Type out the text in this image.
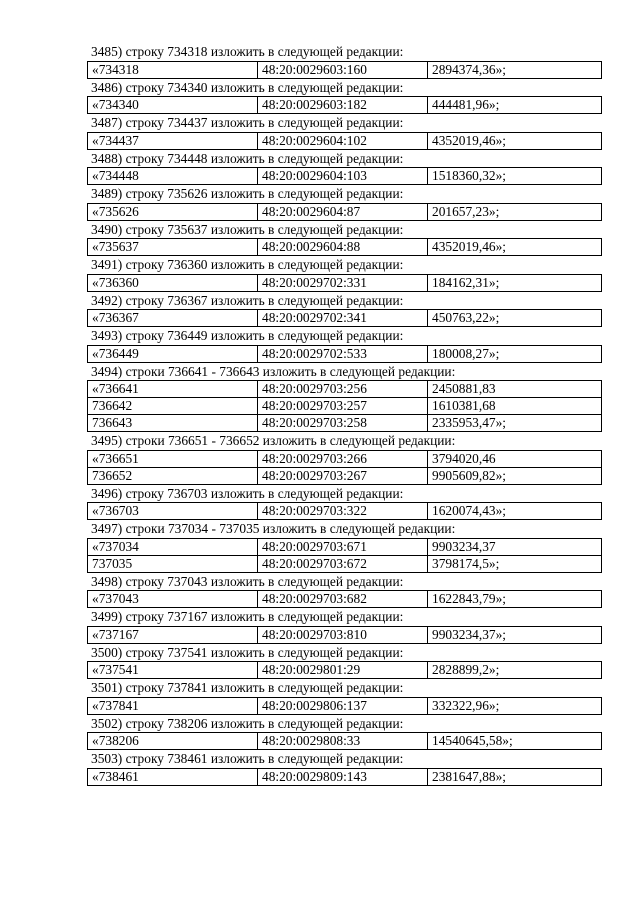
3485) строку 734318 изложить в следующей редакции:
«734318	48:20:0029603:160	2894374,36»;
3486) строку 734340 изложить в следующей редакции:
«734340	48:20:0029603:182	444481,96»;
3487) строку 734437 изложить в следующей редакции:
«734437	48:20:0029604:102	4352019,46»;
3488) строку 734448 изложить в следующей редакции:
«734448	48:20:0029604:103	1518360,32»;
3489) строку 735626 изложить в следующей редакции:
«735626	48:20:0029604:87	201657,23»;
3490) строку 735637 изложить в следующей редакции:
«735637	48:20:0029604:88	4352019,46»;
3491) строку 736360 изложить в следующей редакции:
«736360	48:20:0029702:331	184162,31»;
3492) строку 736367 изложить в следующей редакции:
«736367	48:20:0029702:341	450763,22»;
3493) строку 736449 изложить в следующей редакции:
«736449	48:20:0029702:533	180008,27»;
3494) строки 736641 - 736643 изложить в следующей редакции:
«736641	48:20:0029703:256	2450881,83
736642	48:20:0029703:257	1610381,68
736643	48:20:0029703:258	2335953,47»;
3495) строки 736651 - 736652 изложить в следующей редакции:
«736651	48:20:0029703:266	3794020,46
736652	48:20:0029703:267	9905609,82»;
3496) строку 736703 изложить в следующей редакции:
«736703	48:20:0029703:322	1620074,43»;
3497) строки 737034 - 737035 изложить в следующей редакции:
«737034	48:20:0029703:671	9903234,37
737035	48:20:0029703:672	3798174,5»;
3498) строку 737043 изложить в следующей редакции:
«737043	48:20:0029703:682	1622843,79»;
3499) строку 737167 изложить в следующей редакции:
«737167	48:20:0029703:810	9903234,37»;
3500) строку 737541 изложить в следующей редакции:
«737541	48:20:0029801:29	2828899,2»;
3501) строку 737841 изложить в следующей редакции:
«737841	48:20:0029806:137	332322,96»;
3502) строку 738206 изложить в следующей редакции:
«738206	48:20:0029808:33	14540645,58»;
3503) строку 738461 изложить в следующей редакции:
«738461	48:20:0029809:143	2381647,88»;
